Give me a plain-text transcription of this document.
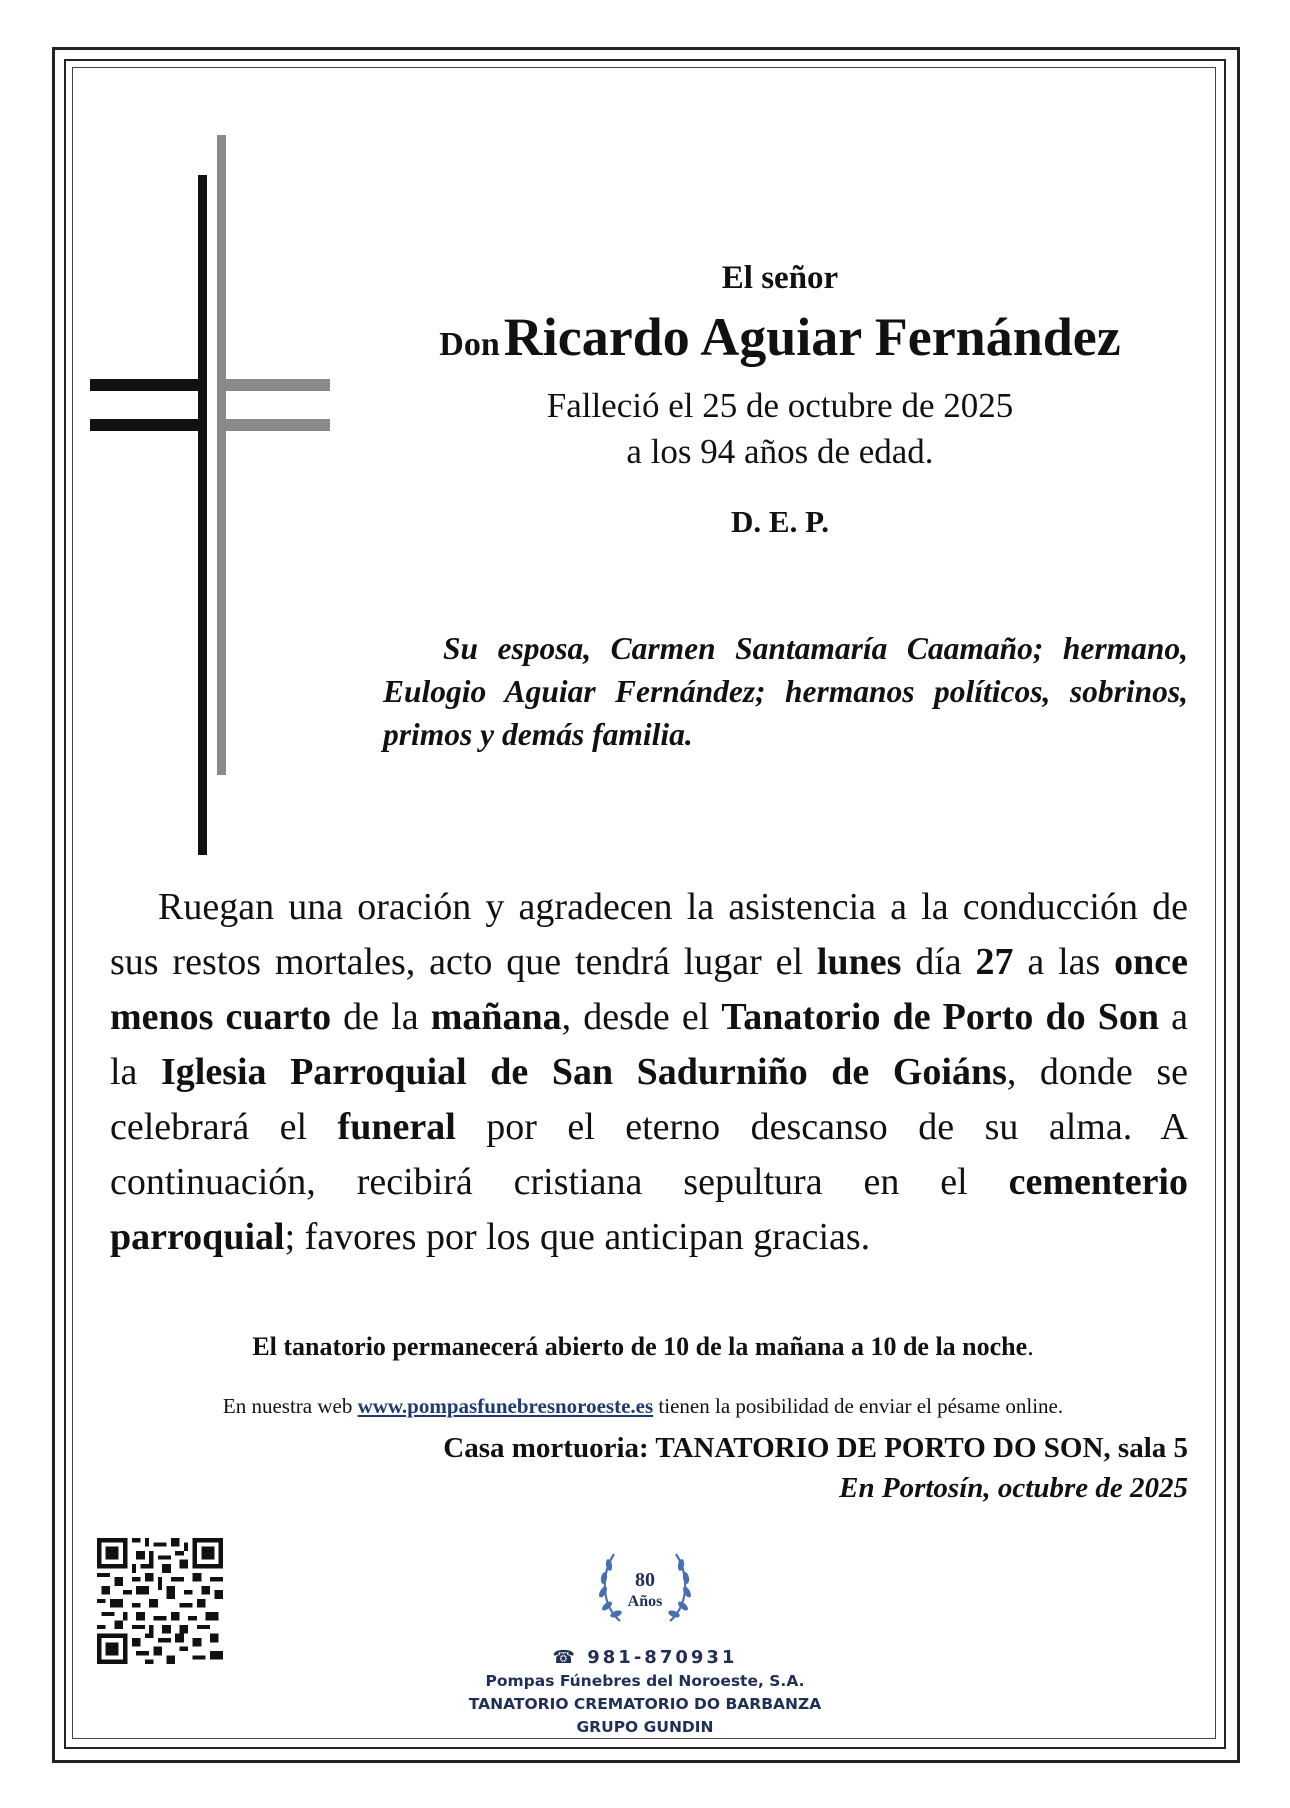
El señor
Don Ricardo Aguiar Fernández
Falleció el 25 de octubre de 2025
a los 94 años de edad.
D. E. P.
Su esposa, Carmen Santamaría Caamaño; hermano, Eulogio Aguiar Fernández; hermanos políticos, sobrinos, primos y demás familia.
Ruegan una oración y agradecen la asistencia a la conducción de sus restos mortales, acto que tendrá lugar el lunes día 27 a las once menos cuarto de la mañana, desde el Tanatorio de Porto do Son a la Iglesia Parroquial de San Sadurniño de Goiáns, donde se celebrará el funeral por el eterno descanso de su alma. A continuación, recibirá cristiana sepultura en el cementerio parroquial; favores por los que anticipan gracias.
El tanatorio permanecerá abierto de 10 de la mañana a 10 de la noche.
En nuestra web www.pompasfunebresnoroeste.es tienen la posibilidad de enviar el pésame online.
Casa mortuoria: TANATORIO DE PORTO DO SON, sala 5
En Portosín, octubre de 2025
80
Años
☎ 981-870931
Pompas Fúnebres del Noroeste, S.A.
TANATORIO CREMATORIO DO BARBANZA
GRUPO GUNDIN
